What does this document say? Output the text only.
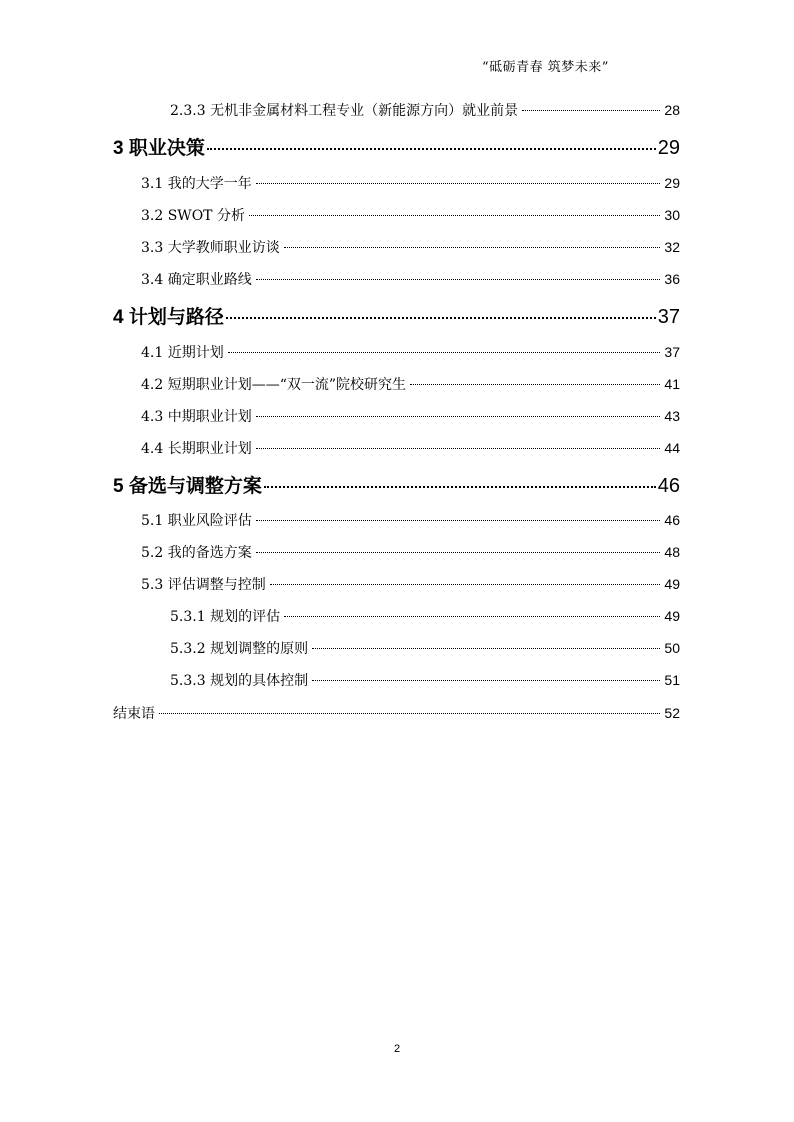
“砥砺青春 筑梦未来”
2.3.3 无机非金属材料工程专业（新能源方向）就业前景	28
3 职业决策	29
3.1 我的大学一年	29
3.2 SWOT 分析	30
3.3 大学教师职业访谈	32
3.4 确定职业路线	36
4 计划与路径	37
4.1 近期计划	37
4.2 短期职业计划——“双一流”院校研究生	41
4.3 中期职业计划	43
4.4 长期职业计划	44
5 备选与调整方案	46
5.1 职业风险评估	46
5.2 我的备选方案	48
5.3 评估调整与控制	49
5.3.1 规划的评估	49
5.3.2 规划调整的原则	50
5.3.3 规划的具体控制	51
结束语	52
2
